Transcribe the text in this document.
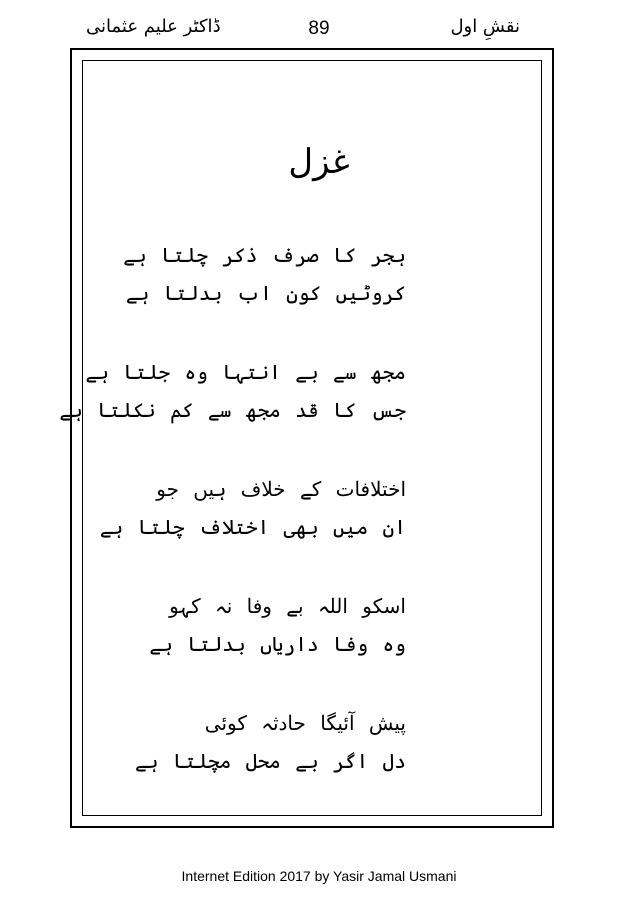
نقشِ اول
89
ڈاکٹر علیم عثمانی
غزل
ہجر کا صرف ذکر چلتا ہے
کروٹیں کون اب بدلتا ہے
مجھ سے بے انتہا وہ جلتا ہے
جس کا قد مجھ سے کم نکلتا ہے
اختلافات کے خلاف ہیں جو
ان میں بھی اختلاف چلتا ہے
اسکو اللہ بے وفا نہ کہو
وہ وفا داریاں بدلتا ہے
پیش آئیگا حادثہ کوئی
دل اگر بے محل مچلتا ہے
Internet Edition 2017 by Yasir Jamal Usmani
